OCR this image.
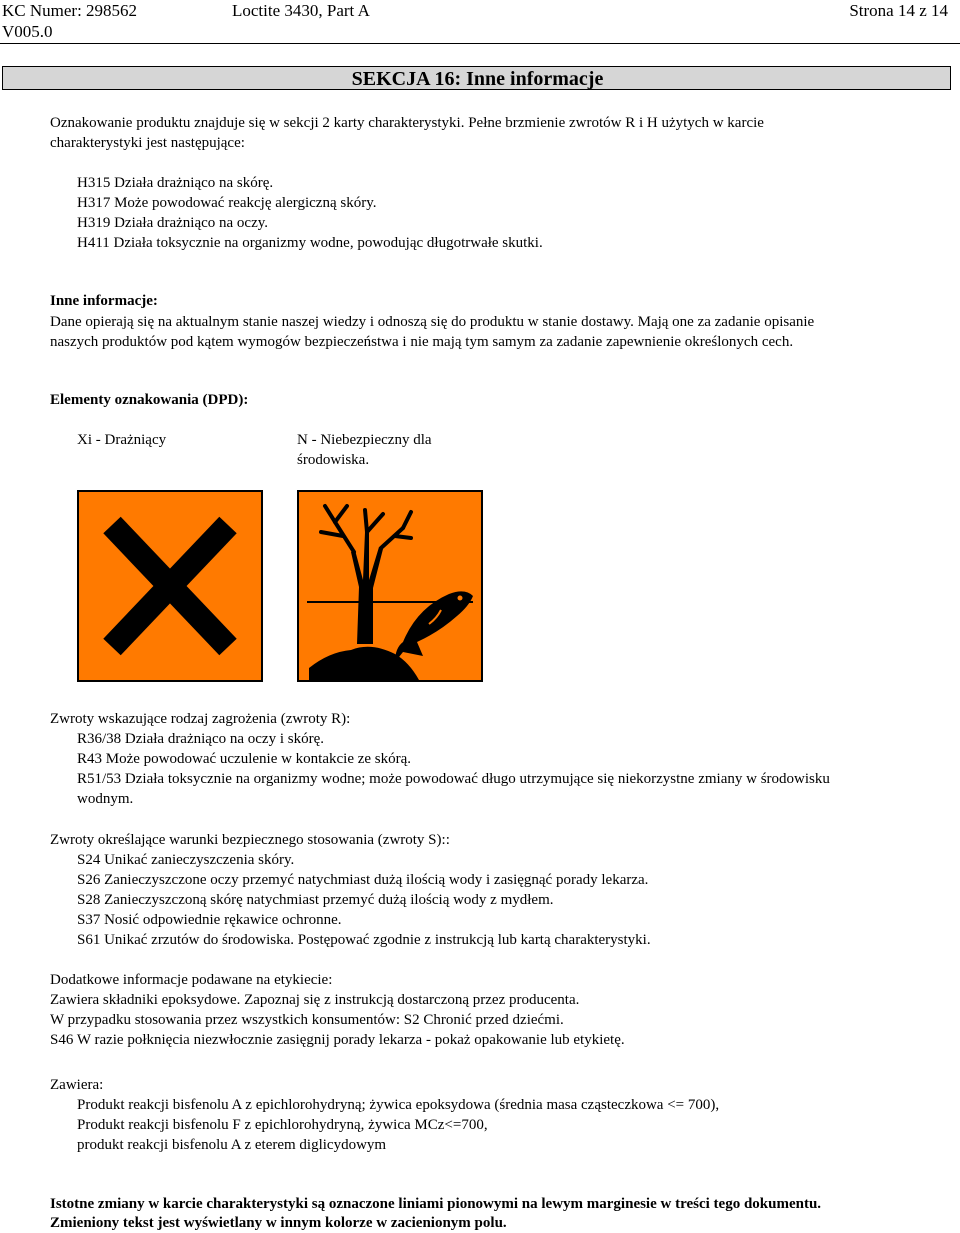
KC Numer: 298562	Loctite 3430, Part A	Strona 14 z 14
V005.0
SEKCJA 16: Inne informacje
Oznakowanie produktu znajduje się w sekcji 2 karty charakterystyki. Pełne brzmienie zwrotów R i H użytych w karcie
charakterystyki jest następujące:
H315 Działa drażniąco na skórę.
H317 Może powodować reakcję alergiczną skóry.
H319 Działa drażniąco na oczy.
H411 Działa toksycznie na organizmy wodne, powodując długotrwałe skutki.
Inne informacje:
Dane opierają się na aktualnym stanie naszej wiedzy i odnoszą się do produktu w stanie dostawy. Mają one za zadanie opisanie
naszych produktów pod kątem wymogów bezpieczeństwa i nie mają tym samym za zadanie zapewnienie określonych cech.
Elementy oznakowania (DPD):
Xi - Drażniący	N - Niebezpieczny dla
środowiska.
Zwroty wskazujące rodzaj zagrożenia (zwroty R):
R36/38 Działa drażniąco na oczy i skórę.
R43 Może powodować uczulenie w kontakcie ze skórą.
R51/53 Działa toksycznie na organizmy wodne; może powodować długo utrzymujące się niekorzystne zmiany w środowisku
wodnym.
Zwroty określające warunki bezpiecznego stosowania (zwroty S)::
S24 Unikać zanieczyszczenia skóry.
S26 Zanieczyszczone oczy przemyć natychmiast dużą ilością wody i zasięgnąć porady lekarza.
S28 Zanieczyszczoną skórę natychmiast przemyć dużą ilością wody z mydłem.
S37 Nosić odpowiednie rękawice ochronne.
S61 Unikać zrzutów do środowiska. Postępować zgodnie z instrukcją lub kartą charakterystyki.
Dodatkowe informacje podawane na etykiecie:
Zawiera składniki epoksydowe. Zapoznaj się z instrukcją dostarczoną przez producenta.
W przypadku stosowania przez wszystkich konsumentów: S2 Chronić przed dziećmi.
S46 W razie połknięcia niezwłocznie zasięgnij porady lekarza - pokaż opakowanie lub etykietę.
Zawiera:
Produkt reakcji bisfenolu A z epichlorohydryną; żywica epoksydowa (średnia masa cząsteczkowa <= 700),
Produkt reakcji bisfenolu F z epichlorohydryną, żywica MCz<=700,
produkt reakcji bisfenolu A z eterem diglicydowym
Istotne zmiany w karcie charakterystyki są oznaczone liniami pionowymi na lewym marginesie w treści tego dokumentu.
Zmieniony tekst jest wyświetlany w innym kolorze w zacienionym polu.
